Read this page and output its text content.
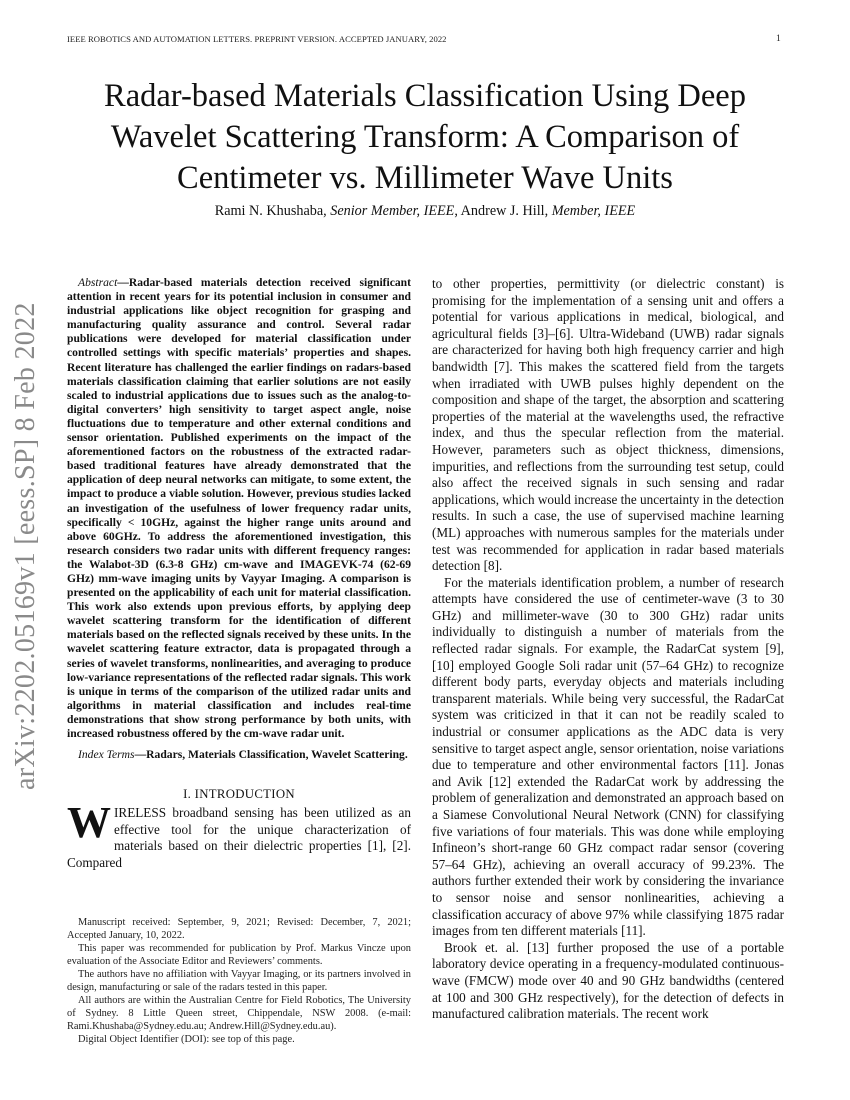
IEEE ROBOTICS AND AUTOMATION LETTERS. PREPRINT VERSION. ACCEPTED JANUARY, 2022	1
arXiv:2202.05169v1 [eess.SP] 8 Feb 2022
Radar-based Materials Classification Using Deep
Wavelet Scattering Transform: A Comparison of
Centimeter vs. Millimeter Wave Units
Rami N. Khushaba, Senior Member, IEEE, Andrew J. Hill, Member, IEEE

Abstract—Radar-based materials detection received significant attention in recent years for its potential inclusion in consumer and industrial applications like object recognition for grasping and manufacturing quality assurance and control. Several radar publications were developed for material classification under controlled settings with specific materials’ properties and shapes. Recent literature has challenged the earlier findings on radars-based materials classification claiming that earlier solutions are not easily scaled to industrial applications due to issues such as the analog-to-digital converters’ high sensitivity to target aspect angle, noise fluctuations due to temperature and other external conditions and sensor orientation. Published experiments on the impact of the aforementioned factors on the robustness of the extracted radar-based traditional features have already demonstrated that the application of deep neural networks can mitigate, to some extent, the impact to produce a viable solution. However, previous studies lacked an investigation of the usefulness of lower frequency radar units, specifically < 10GHz, against the higher range units around and above 60GHz. To address the aforementioned investigation, this research considers two radar units with different frequency ranges: the Walabot-3D (6.3-8 GHz) cm-wave and IMAGEVK-74 (62-69 GHz) mm-wave imaging units by Vayyar Imaging. A comparison is presented on the applicability of each unit for material classification. This work also extends upon previous efforts, by applying deep wavelet scattering transform for the identification of different materials based on the reflected signals received by these units. In the wavelet scattering feature extractor, data is propagated through a series of wavelet transforms, nonlinearities, and averaging to produce low-variance representations of the reflected radar signals. This work is unique in terms of the comparison of the utilized radar units and algorithms in material classification and includes real-time demonstrations that show strong performance by both units, with increased robustness offered by the cm-wave radar unit.

Index Terms—Radars, Materials Classification, Wavelet Scattering.

I. INTRODUCTION

WIRELESS broadband sensing has been utilized as an effective tool for the unique characterization of materials based on their dielectric properties [1], [2]. Compared

Manuscript received: September, 9, 2021; Revised: December, 7, 2021; Accepted January, 10, 2022.

This paper was recommended for publication by Prof. Markus Vincze upon evaluation of the Associate Editor and Reviewers’ comments.

The authors have no affiliation with Vayyar Imaging, or its partners involved in design, manufacturing or sale of the radars tested in this paper.

All authors are within the Australian Centre for Field Robotics, The University of Sydney. 8 Little Queen street, Chippendale, NSW 2008. (e-mail: Rami.Khushaba@Sydney.edu.au; Andrew.Hill@Sydney.edu.au).

Digital Object Identifier (DOI): see top of this page.

to other properties, permittivity (or dielectric constant) is promising for the implementation of a sensing unit and offers a potential for various applications in medical, biological, and agricultural fields [3]–[6]. Ultra-Wideband (UWB) radar signals are characterized for having both high frequency carrier and high bandwidth [7]. This makes the scattered field from the targets when irradiated with UWB pulses highly dependent on the composition and shape of the target, the absorption and scattering properties of the material at the wavelengths used, the refractive index, and thus the specular reflection from the material. However, parameters such as object thickness, dimensions, impurities, and reflections from the surrounding test setup, could also affect the received signals in such sensing and radar applications, which would increase the uncertainty in the detection results. In such a case, the use of supervised machine learning (ML) approaches with numerous samples for the materials under test was recommended for application in radar based materials detection [8].

For the materials identification problem, a number of research attempts have considered the use of centimeter-wave (3 to 30 GHz) and millimeter-wave (30 to 300 GHz) radar units individually to distinguish a number of materials from the reflected radar signals. For example, the RadarCat system [9], [10] employed Google Soli radar unit (57–64 GHz) to recognize different body parts, everyday objects and materials including transparent materials. While being very successful, the RadarCat system was criticized in that it can not be readily scaled to industrial or consumer applications as the ADC data is very sensitive to target aspect angle, sensor orientation, noise variations due to temperature and other environmental factors [11]. Jonas and Avik [12] extended the RadarCat work by addressing the problem of generalization and demonstrated an approach based on a Siamese Convolutional Neural Network (CNN) for classifying five variations of four materials. This was done while employing Infineon’s short-range 60 GHz compact radar sensor (covering 57–64 GHz), achieving an overall accuracy of 99.23%. The authors further extended their work by considering the invariance to sensor noise and sensor nonlinearities, achieving a classification accuracy of above 97% while classifying 1875 radar images from ten different materials [11].

Brook et. al. [13] further proposed the use of a portable laboratory device operating in a frequency-modulated continuous-wave (FMCW) mode over 40 and 90 GHz bandwidths (centered at 100 and 300 GHz respectively), for the detection of defects in manufactured calibration materials. The recent work
